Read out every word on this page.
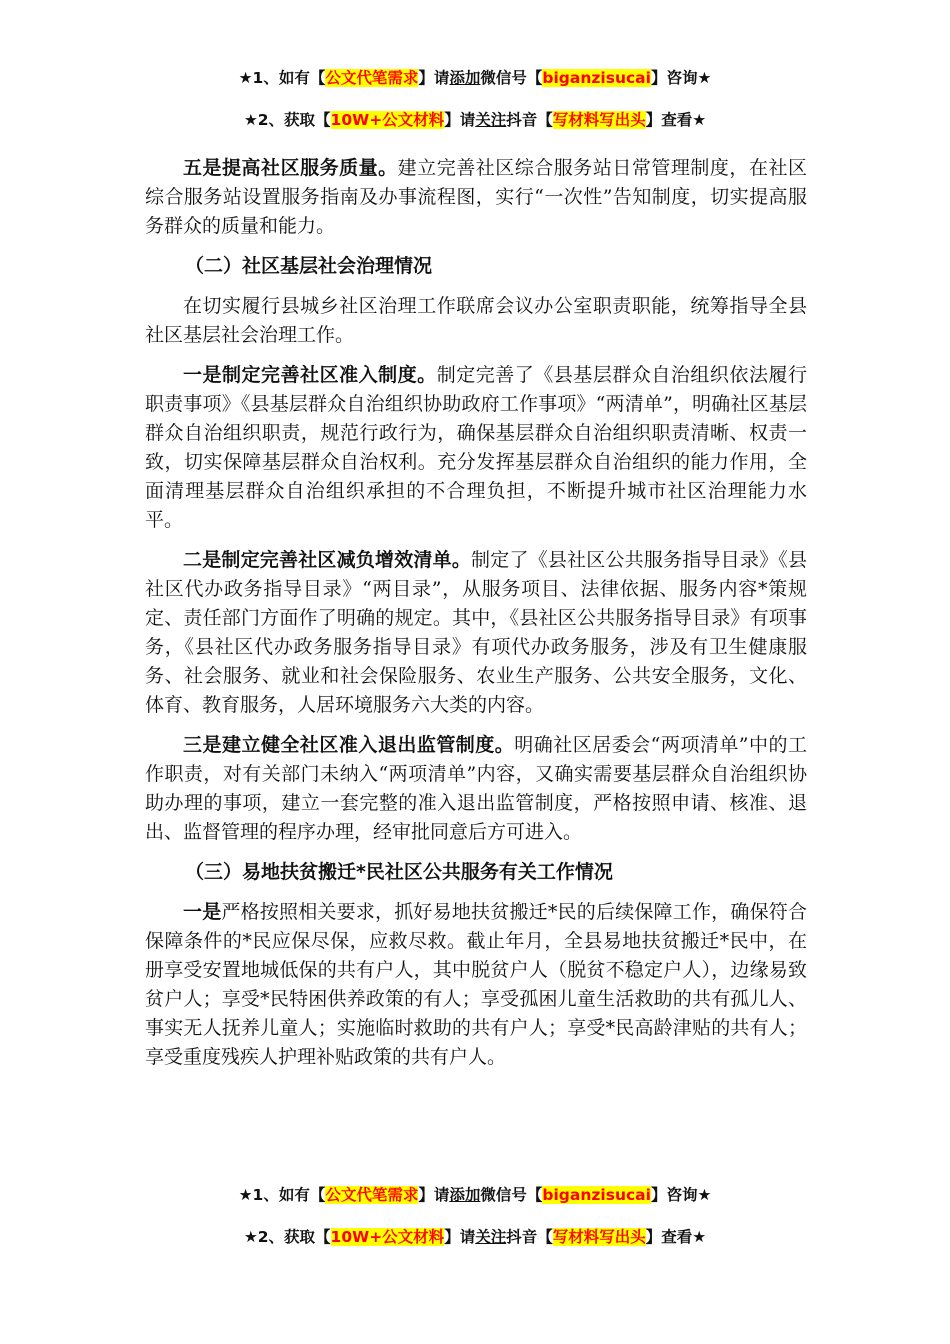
★1、如有【公文代笔需求】请添加微信号【biganzisucai】咨询★
★2、获取【10W+公文材料】请关注抖音【写材料写出头】查看★

五是提高社区服务质量。建立完善社区综合服务站日常管理制度，在社区综合服务站设置服务指南及办事流程图，实行“一次性”告知制度，切实提高服务群众的质量和能力。

（二）社区基层社会治理情况

在切实履行县城乡社区治理工作联席会议办公室职责职能，统筹指导全县社区基层社会治理工作。

一是制定完善社区准入制度。制定完善了《县基层群众自治组织依法履行职责事项》《县基层群众自治组织协助政府工作事项》“两清单”，明确社区基层群众自治组织职责，规范行政行为，确保基层群众自治组织职责清晰、权责一致，切实保障基层群众自治权利。充分发挥基层群众自治组织的能力作用，全面清理基层群众自治组织承担的不合理负担，不断提升城市社区治理能力水平。

二是制定完善社区减负增效清单。制定了《县社区公共服务指导目录》《县社区代办政务指导目录》“两目录”，从服务项目、法律依据、服务内容*策规定、责任部门方面作了明确的规定。其中，《县社区公共服务指导目录》有项事务，《县社区代办政务服务指导目录》有项代办政务服务，涉及有卫生健康服务、社会服务、就业和社会保险服务、农业生产服务、公共安全服务，文化、体育、教育服务，人居环境服务六大类的内容。

三是建立健全社区准入退出监管制度。明确社区居委会“两项清单”中的工作职责，对有关部门未纳入“两项清单”内容，又确实需要基层群众自治组织协助办理的事项，建立一套完整的准入退出监管制度，严格按照申请、核准、退出、监督管理的程序办理，经审批同意后方可进入。

（三）易地扶贫搬迁*民社区公共服务有关工作情况

一是严格按照相关要求，抓好易地扶贫搬迁*民的后续保障工作，确保符合保障条件的*民应保尽保，应救尽救。截止年月，全县易地扶贫搬迁*民中，在册享受安置地城低保的共有户人，其中脱贫户人（脱贫不稳定户人），边缘易致贫户人；享受*民特困供养政策的有人；享受孤困儿童生活救助的共有孤儿人、事实无人抚养儿童人；实施临时救助的共有户人；享受*民高龄津贴的共有人；享受重度残疾人护理补贴政策的共有户人。

★1、如有【公文代笔需求】请添加微信号【biganzisucai】咨询★
★2、获取【10W+公文材料】请关注抖音【写材料写出头】查看★
